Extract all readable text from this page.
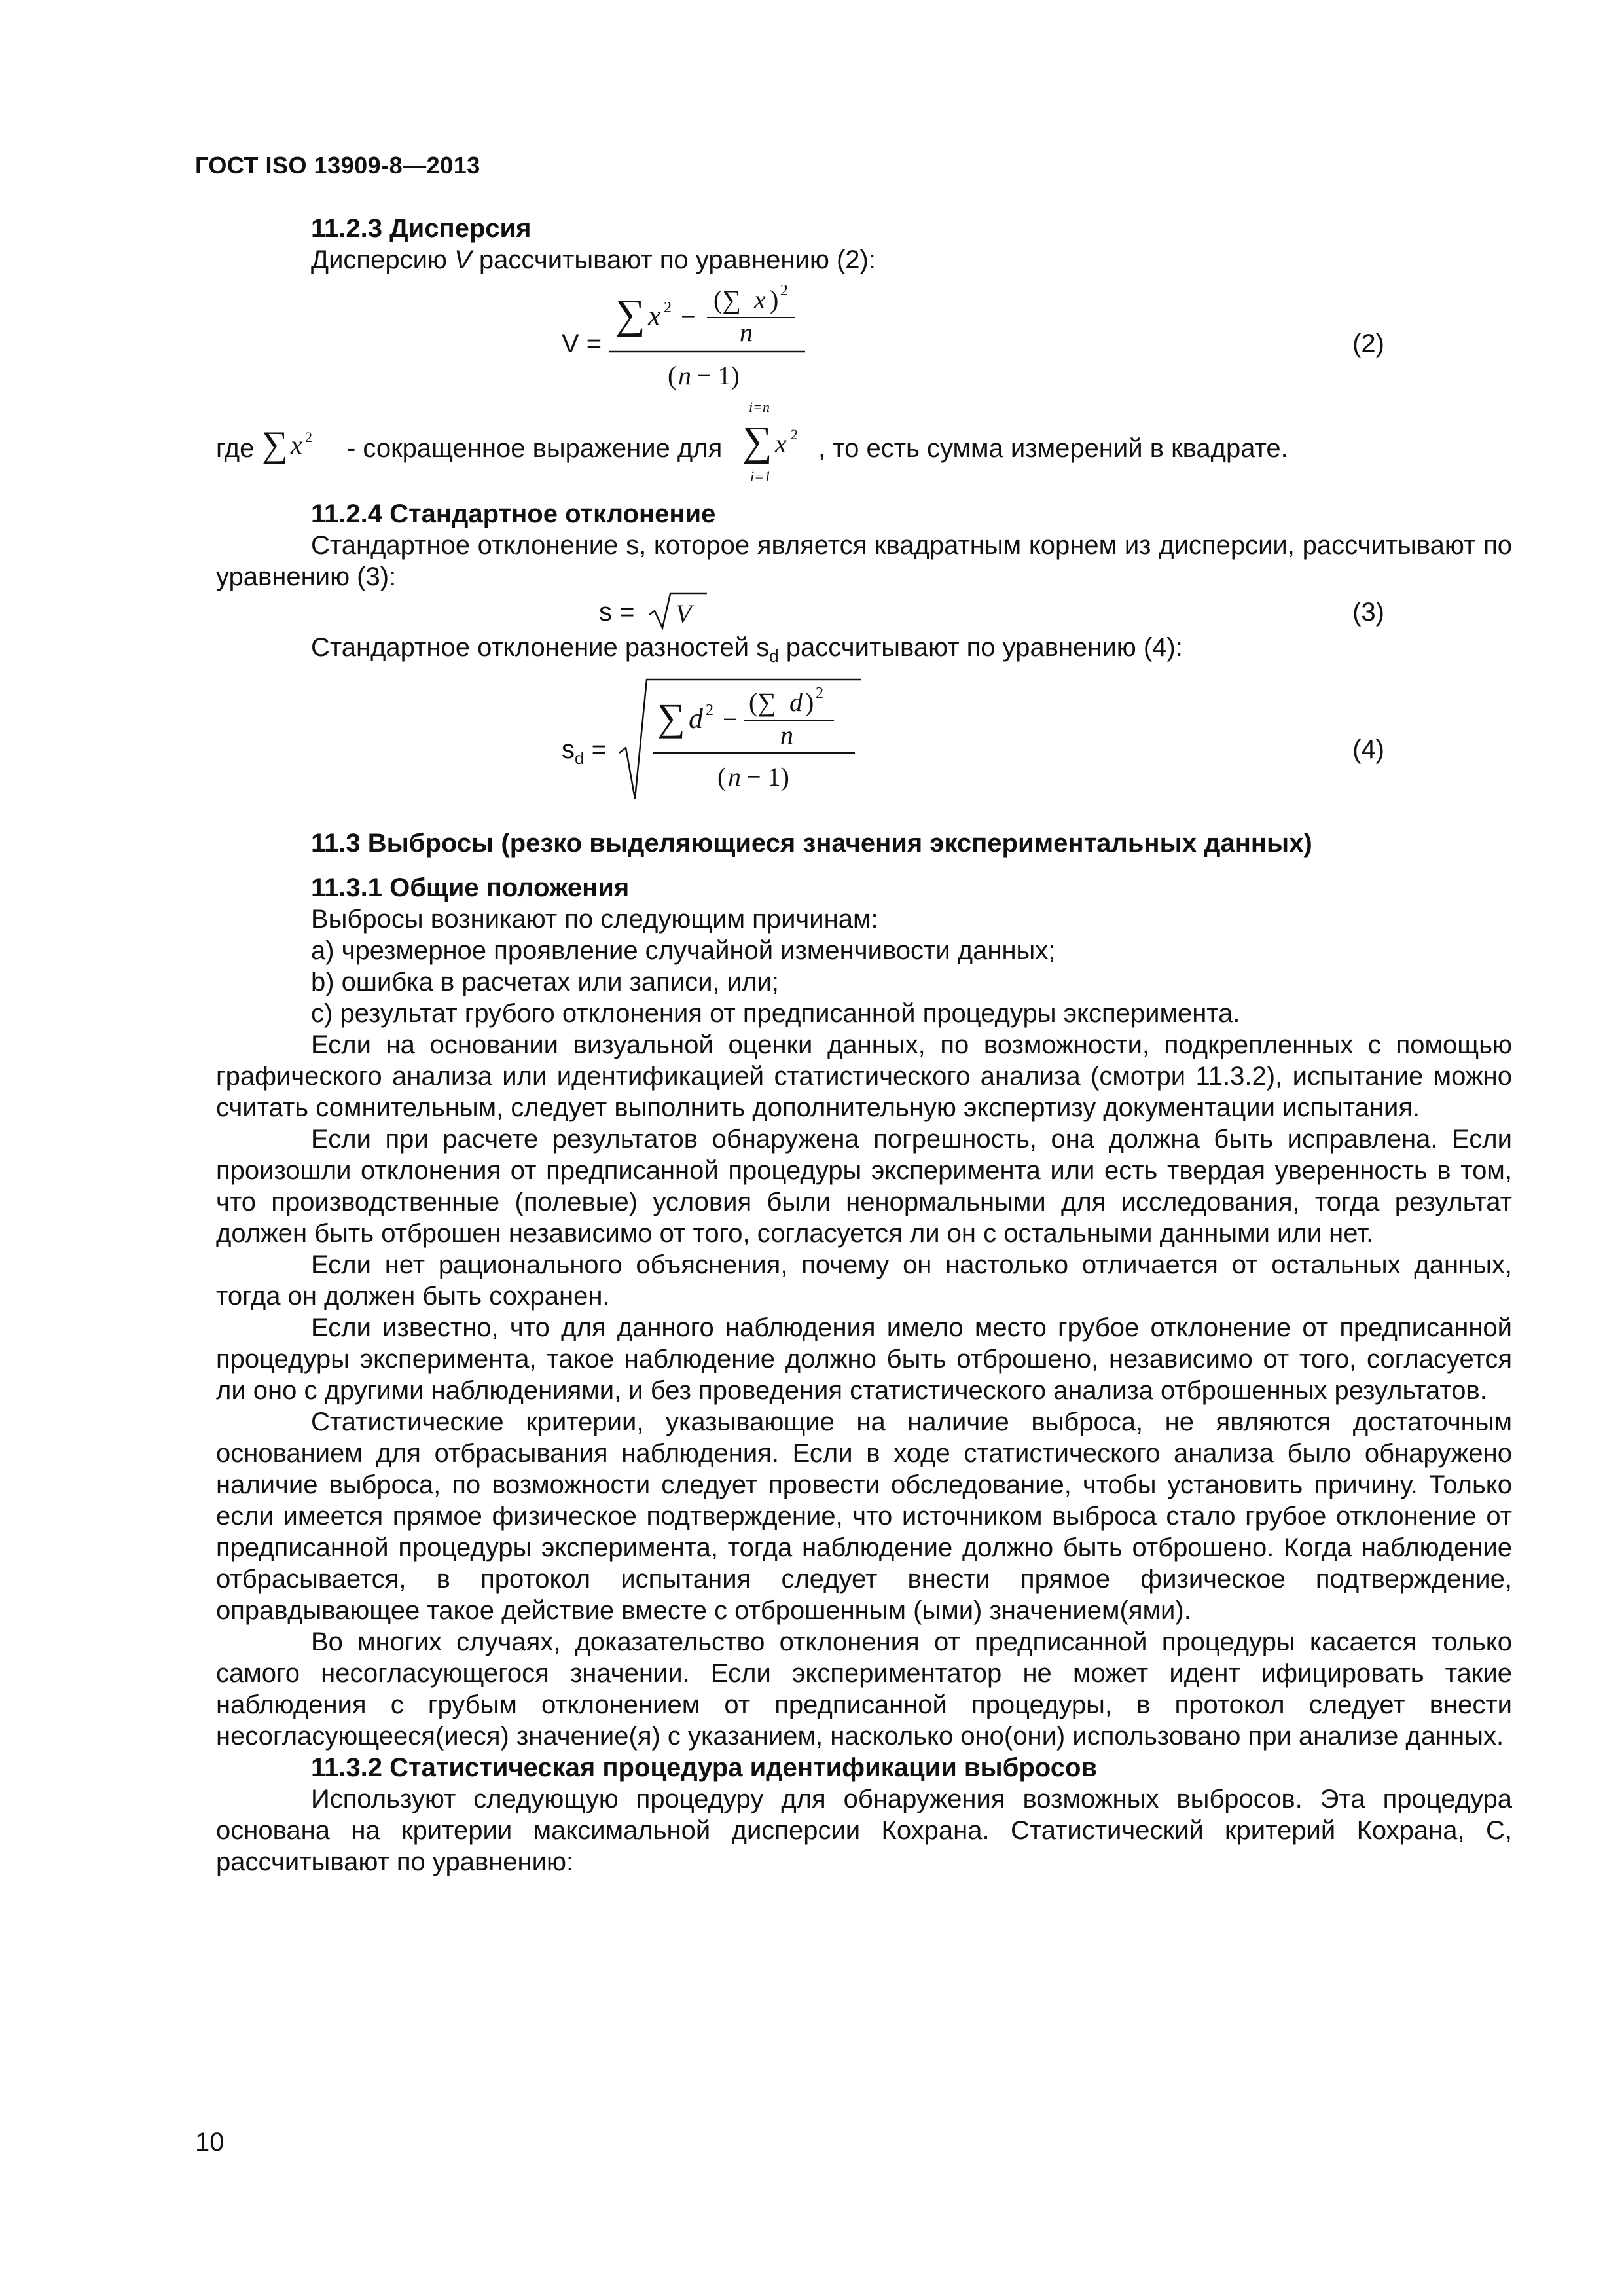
ГОСТ ISO 13909-8—2013
11.2.3 Дисперсия

Дисперсию V рассчитывают по уравнению (2):

V =
∑ x 2 −
(∑ x ) 2
n
( n − 1)
(2)
где ∑ x 2 - сокращенное выражение для
i=n
∑ x 2
i=1
, то есть сумма измерений в квадрате.
11.2.4 Стандартное отклонение

Стандартное отклонение s, которое является квадратным корнем из дисперсии, рассчитывают по уравнению (3):

s = V	(3)

Стандартное отклонение разностей $s_d$ рассчитывают по уравнению (4):

$s_d$ =
∑ d 2 −
(∑ d ) 2
n
( n − 1)
(4)
11.3 Выбросы (резко выделяющиеся значения экспериментальных данных)
11.3.1 Общие положения

Выбросы возникают по следующим причинам:

a) чрезмерное проявление случайной изменчивости данных;

b) ошибка в расчетах или записи, или;

c) результат грубого отклонения от предписанной процедуры эксперимента.

Если на основании визуальной оценки данных, по возможности, подкрепленных с помощью графического анализа или идентификацией статистического анализа (смотри 11.3.2), испытание можно считать сомнительным, следует выполнить дополнительную экспертизу документации испытания.

Если при расчете результатов обнаружена погрешность, она должна быть исправлена. Если произошли отклонения от предписанной процедуры эксперимента или есть твердая уверенность в том, что производственные (полевые) условия были ненормальными для исследования, тогда результат должен быть отброшен независимо от того, согласуется ли он с остальными данными или нет.

Если нет рационального объяснения, почему он настолько отличается от остальных данных, тогда он должен быть сохранен.

Если известно, что для данного наблюдения имело место грубое отклонение от предписанной процедуры эксперимента, такое наблюдение должно быть отброшено, независимо от того, согласуется ли оно с другими наблюдениями, и без проведения статистического анализа отброшенных результатов.

Статистические критерии, указывающие на наличие выброса, не являются достаточным основанием для отбрасывания наблюдения. Если в ходе статистического анализа было обнаружено наличие выброса, по возможности следует провести обследование, чтобы установить причину. Только если имеется прямое физическое подтверждение, что источником выброса стало грубое отклонение от предписанной процедуры эксперимента, тогда наблюдение должно быть отброшено. Когда наблюдение отбрасывается, в протокол испытания следует внести прямое физическое подтверждение, оправдывающее такое действие вместе с отброшенным (ыми) значением(ями).

Во многих случаях, доказательство отклонения от предписанной процедуры касается только самого несогласующегося значении. Если экспериментатор не может идент ифицировать такие наблюдения с грубым отклонением от предписанной процедуры, в протокол следует внести несогласующееся(иеся) значение(я) с указанием, насколько оно(они) использовано при анализе данных.

11.3.2 Статистическая процедура идентификации выбросов

Используют следующую процедуру для обнаружения возможных выбросов. Эта процедура основана на критерии максимальной дисперсии Кохрана. Статистический критерий Кохрана, C, рассчитывают по уравнению:

10
